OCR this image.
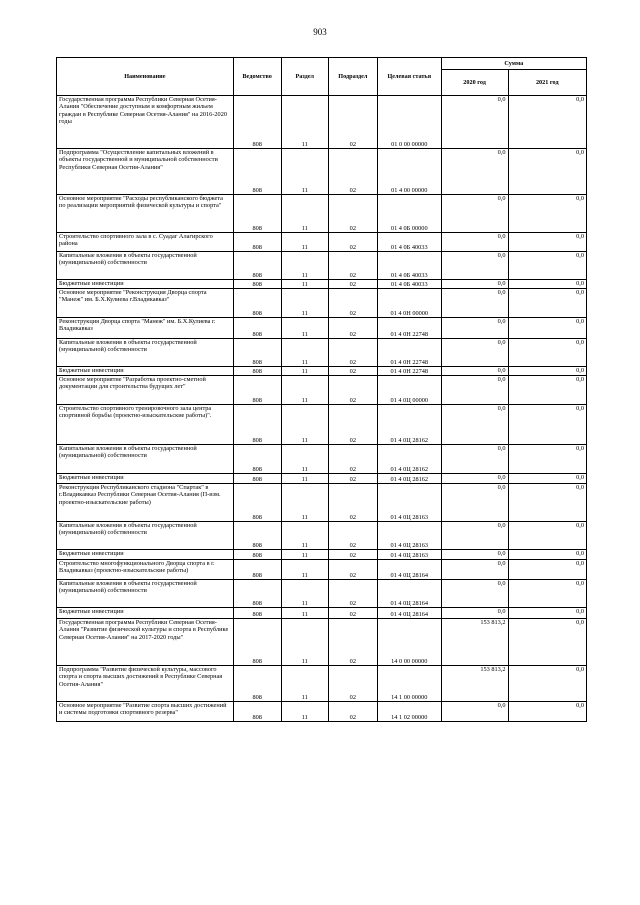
903
Наименование	Ведомство	Раздел	Подраздел	Целевая статья	Сумма	
					2020 год	2021 год
Государственная программа Республики Северная Осетия-Алания "Обеспечение доступным и комфортным жильем граждан в Республике Северная Осетия-Алания" на 2016-2020 годы	808	11	02	01 0 00 00000	0,0	0,0
Подпрограмма "Осуществление капитальных вложений в объекты государственной и муниципальной собственности Республики Северная Осетия-Алания"	808	11	02	01 4 00 00000	0,0	0,0
Основное мероприятие "Расходы республиканского бюджета по реализации мероприятий физической культуры и спорта"	808	11	02	01 4 0Б 00000	0,0	0,0
Строительство спортивного зала в с. Суадаг Алагирского района	808	11	02	01 4 0Б 40033	0,0	0,0
Капитальные вложения в объекты государственной (муниципальной) собственности	808	11	02	01 4 0Б 40033	0,0	0,0
Бюджетные инвестиции	808	11	02	01 4 0Б 40033	0,0	0,0
Основное мероприятие "Реконструкция Дворца спорта "Манеж" им. Б.Х.Кулиева г.Владикавказ"	808	11	02	01 4 0Н 00000	0,0	0,0
Реконструкция Дворца спорта "Манеж" им. Б.Х.Кулиева г. Владикавказ	808	11	02	01 4 0Н 22748	0,0	0,0
Капитальные вложения в объекты государственной (муниципальной) собственности	808	11	02	01 4 0Н 22748	0,0	0,0
Бюджетные инвестиции	808	11	02	01 4 0Н 22748	0,0	0,0
Основное мероприятие "Разработка проектно-сметной документации для строительства будущих лет"	808	11	02	01 4 0Ц 00000	0,0	0,0
Строительство спортивного тренировочного зала центра спортивной борьбы (проектно-изыскательские работы)".	808	11	02	01 4 0Ц 28162	0,0	0,0
Капитальные вложения в объекты государственной (муниципальной) собственности	808	11	02	01 4 0Ц 28162	0,0	0,0
Бюджетные инвестиции	808	11	02	01 4 0Ц 28162	0,0	0,0
Реконструкция Республиканского стадиона "Спартак" в г.Владикавказ Республики Северная Осетия-Алания (П-изм. проектно-изыскательские работы)	808	11	02	01 4 0Ц 28163	0,0	0,0
Капитальные вложения в объекты государственной (муниципальной) собственности	808	11	02	01 4 0Ц 28163	0,0	0,0
Бюджетные инвестиции	808	11	02	01 4 0Ц 28163	0,0	0,0
Строительство многофункционального Дворца спорта в г. Владикавказ (проектно-изыскательские работы)	808	11	02	01 4 0Ц 28164	0,0	0,0
Капитальные вложения в объекты государственной (муниципальной) собственности	808	11	02	01 4 0Ц 28164	0,0	0,0
Бюджетные инвестиции	808	11	02	01 4 0Ц 28164	0,0	0,0
Государственная программа Республики Северная Осетия-Алания "Развитие физической культуры и спорта в Республике Северная Осетия-Алания" на 2017-2020 годы"	808	11	02	14 0 00 00000	153 813,2	0,0
Подпрограмма "Развитие физической культуры, массового спорта и спорта высших достижений в Республике Северная Осетия-Алания"	808	11	02	14 1 00 00000	153 813,2	0,0
Основное мероприятие "Развитие спорта высших достижений и системы подготовки спортивного резерва"	808	11	02	14 1 02 00000	0,0	0,0
